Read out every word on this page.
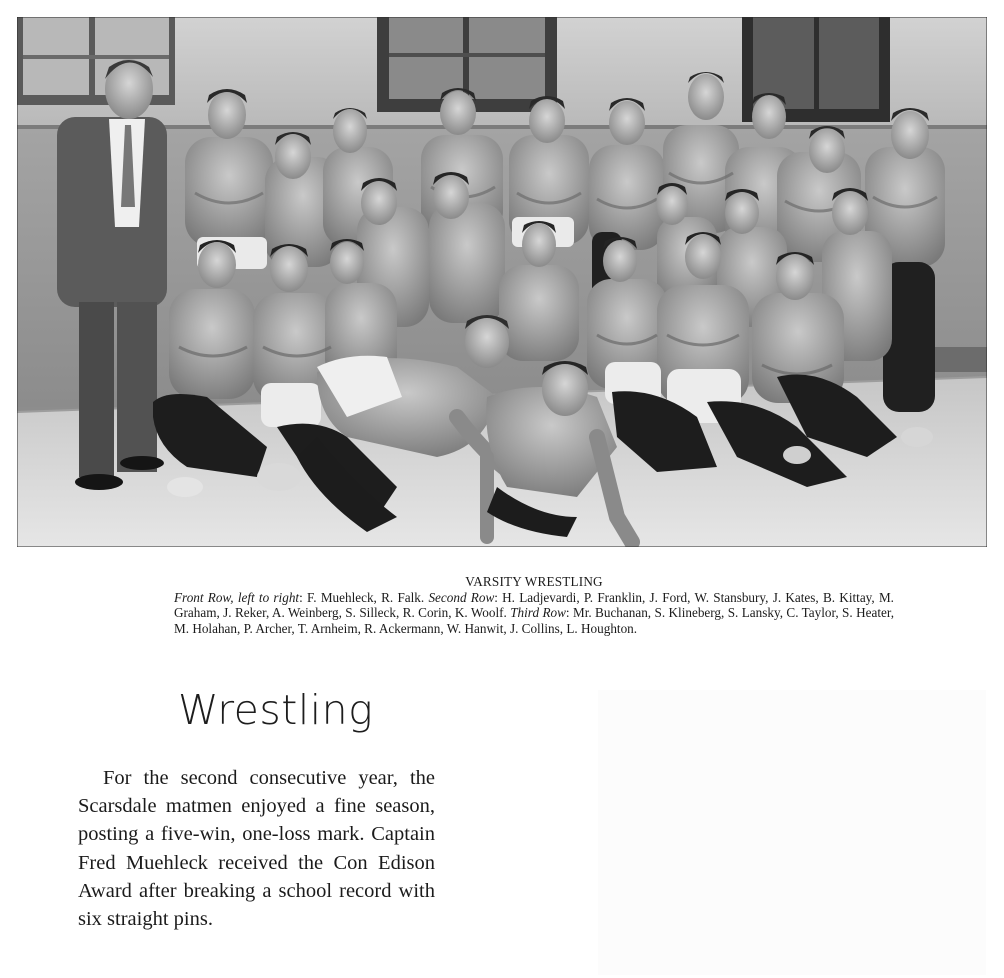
VARSITY WRESTLING
Front Row, left to right: F. Muehleck, R. Falk. Second Row: H. Ladjevardi, P. Franklin, J. Ford, W. Stansbury, J. Kates, B. Kittay, M. Graham, J. Reker, A. Weinberg, S. Silleck, R. Corin, K. Woolf. Third Row: Mr. Buchanan, S. Klineberg, S. Lansky, C. Taylor, S. Heater, M. Holahan, P. Archer, T. Arnheim, R. Ackermann, W. Hanwit, J. Collins, L. Houghton.
Wrestling

For the second consecutive year, the Scarsdale matmen enjoyed a fine season, posting a five-win, one-loss mark. Captain Fred Muehleck received the Con Edison Award after breaking a school record with six straight pins.
